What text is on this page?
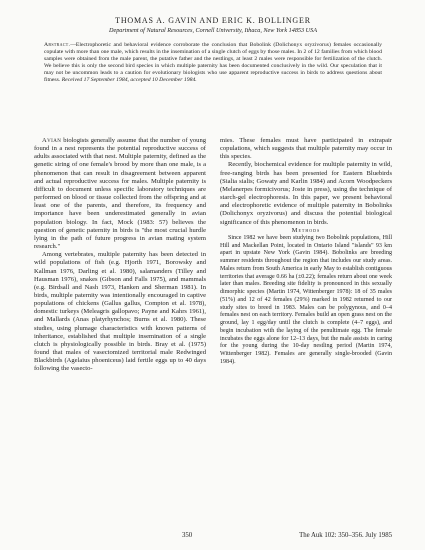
THOMAS A. GAVIN AND ERIC K. BOLLINGER

Department of Natural Resources, Cornell University, Ithaca, New York 14853 USA

Abstract.—Electrophoretic and behavioral evidence corroborate the conclusion that Bobolink (Dolichonyx oryzivorus) females occasionally copulate with more than one male, which results in the insemination of a single clutch of eggs by those males. In 2 of 12 families from which blood samples were obtained from the male parent, the putative father and the nestlings, at least 2 males were responsible for fertilization of the clutch. We believe this is only the second bird species in which multiple paternity has been documented conclusively in the wild. Our speculation that it may not be uncommon leads to a caution for evolutionary biologists who use apparent reproductive success in birds to address questions about fitness. Received 17 September 1984, accepted 10 December 1984.

Avian biologists generally assume that the number of young found in a nest represents the potential reproductive success of adults associated with that nest. Multiple paternity, defined as the genetic siring of one female's brood by more than one male, is a phenomenon that can result in disagreement between apparent and actual reproductive success for males. Multiple paternity is difficult to document unless specific laboratory techniques are performed on blood or tissue collected from the offspring and at least one of the parents, and therefore, its frequency and importance have been underestimated generally in avian population biology. In fact, Mock (1983: 57) believes the question of genetic paternity in birds is "the most crucial hurdle lying in the path of future progress in avian mating system research."

Among vertebrates, multiple paternity has been detected in wild populations of fish (e.g. Hjorth 1971, Borowsky and Kallman 1976, Darling et al. 1980), salamanders (Tilley and Hausman 1976), snakes (Gibson and Falls 1975), and mammals (e.g. Birdsall and Nash 1973, Hanken and Sherman 1981). In birds, multiple paternity was intentionally encouraged in captive populations of chickens (Gallus gallus, Compton et al. 1978), domestic turkeys (Meleagris gallopavo; Payne and Kahrs 1961), and Mallards (Anas platyrhynchos; Burns et al. 1980). These studies, using plumage characteristics with known patterns of inheritance, established that multiple insemination of a single clutch is physiologically possible in birds. Bray et al. (1975) found that males of vasectomized territorial male Redwinged Blackbirds (Agelaius phoeniceus) laid fertile eggs up to 40 days following the vasecto-

mies. These females must have participated in extrapair copulations, which suggests that multiple paternity may occur in this species.

Recently, biochemical evidence for multiple paternity in wild, free-ranging birds has been presented for Eastern Bluebirds (Sialia sialis; Gowaty and Karlin 1984) and Acorn Woodpeckers (Melanerpes formicivorus; Joste in press), using the technique of starch-gel electrophoresis. In this paper, we present behavioral and electrophoretic evidence of multiple paternity in Bobolinks (Dolichonyx oryzivorus) and discuss the potential biological significance of this phenomenon in birds.

Methods

Since 1982 we have been studying two Bobolink populations, Hill Hill and Mackellan Point, located in Ontario Island "islands" 93 km apart in upstate New York (Gavin 1984). Bobolinks are breeding summer residents throughout the region that includes our study areas. Males return from South America in early May to establish contiguous territories that average 0.66 ha (±0.22); females return about one week later than males. Breeding site fidelity is pronounced in this sexually dimorphic species (Martin 1974, Wittenberger 1978): 18 of 35 males (51%) and 12 of 42 females (29%) marked in 1982 returned to our study sites to breed in 1983. Males can be polygynous, and 0–4 females nest on each territory. Females build an open grass nest on the ground, lay 1 egg/day until the clutch is complete (4–7 eggs), and begin incubation with the laying of the penultimate egg. The female incubates the eggs alone for 12–13 days, but the male assists in caring for the young during the 10-day nestling period (Martin 1974, Wittenberger 1982). Females are generally single-brooded (Gavin 1984).

350	The Auk 102: 350–356. July 1985
